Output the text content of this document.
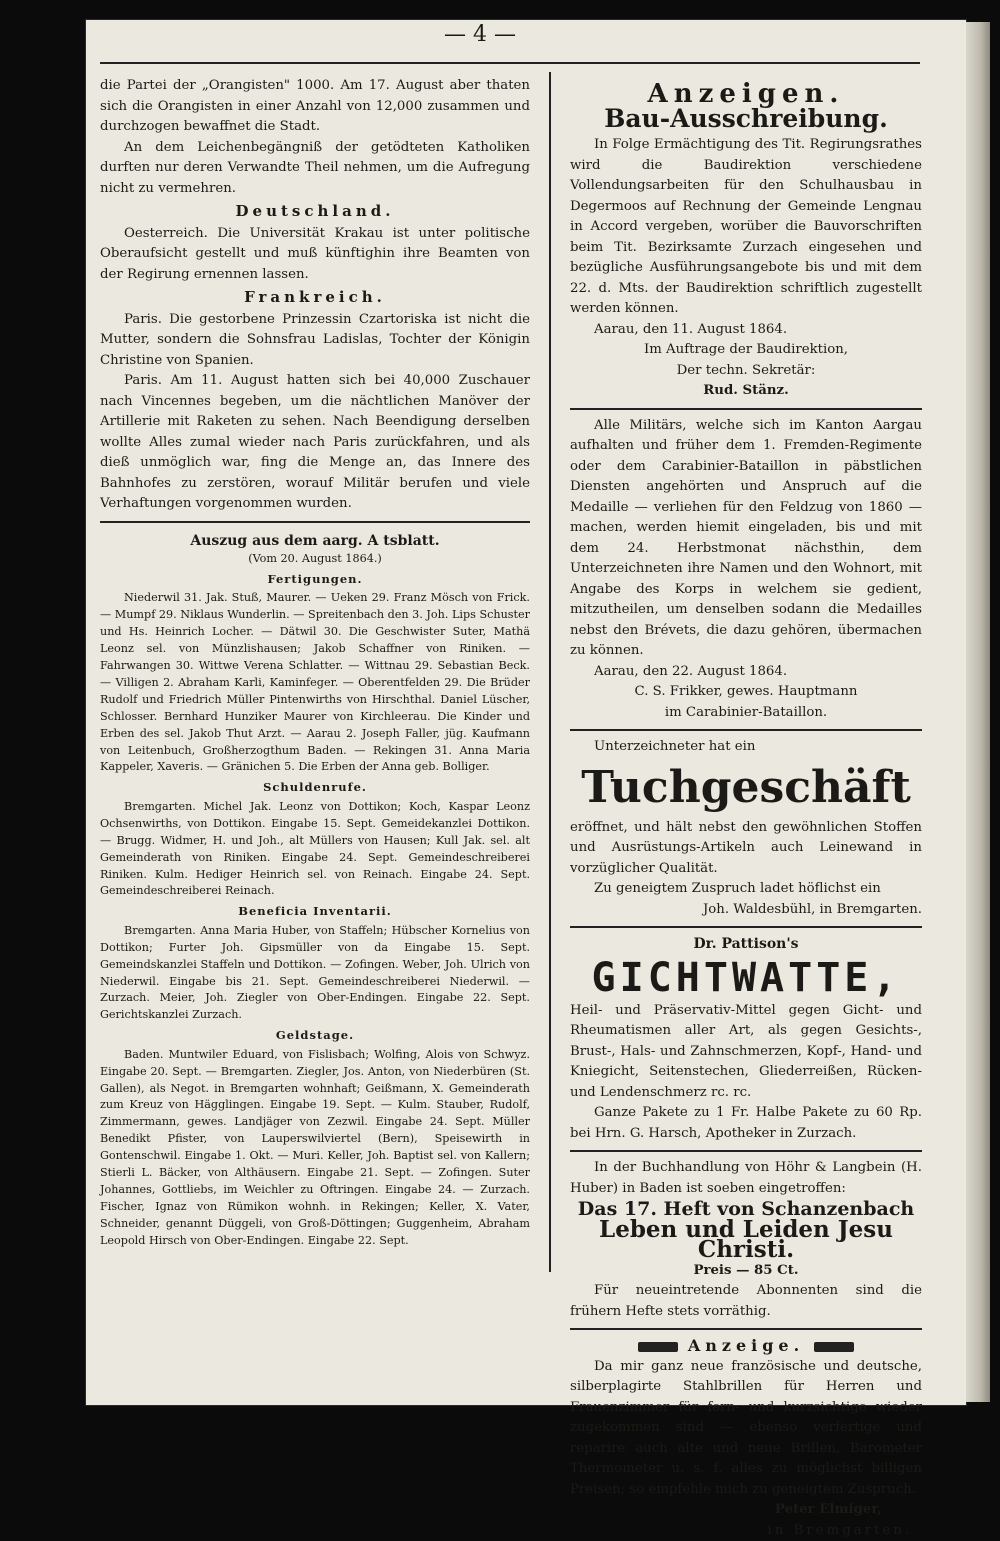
— 4 —

die Partei der „Orangisten" 1000. Am 17. August aber thaten sich die Orangisten in einer Anzahl von 12,000 zusammen und durchzogen bewaffnet die Stadt.

An dem Leichenbegängniß der getödteten Katholiken durften nur deren Verwandte Theil nehmen, um die Aufregung nicht zu vermehren.

Deutschland.

Oesterreich. Die Universität Krakau ist unter politische Oberaufsicht gestellt und muß künftighin ihre Beamten von der Regirung ernennen lassen.

Frankreich.

Paris. Die gestorbene Prinzessin Czartoriska ist nicht die Mutter, sondern die Sohnsfrau Ladislas, Tochter der Königin Christine von Spanien.

Paris. Am 11. August hatten sich bei 40,000 Zuschauer nach Vincennes begeben, um die nächtlichen Manöver der Artillerie mit Raketen zu sehen. Nach Beendigung derselben wollte Alles zumal wieder nach Paris zurückfahren, und als dieß unmöglich war, fing die Menge an, das Innere des Bahnhofes zu zerstören, worauf Militär berufen und viele Verhaftungen vorgenommen wurden.

Auszug aus dem aarg. A tsblatt.
(Vom 20. August 1864.)
Fertigungen.

Niederwil 31. Jak. Stuß, Maurer. — Ueken 29. Franz Mösch von Frick. — Mumpf 29. Niklaus Wunderlin. — Spreitenbach den 3. Joh. Lips Schuster und Hs. Heinrich Locher. — Dätwil 30. Die Geschwister Suter, Mathä Leonz sel. von Münzlishausen; Jakob Schaffner von Riniken. — Fahrwangen 30. Wittwe Verena Schlatter. — Wittnau 29. Sebastian Beck. — Villigen 2. Abraham Karli, Kaminfeger. — Oberentfelden 29. Die Brüder Rudolf und Friedrich Müller Pintenwirths von Hirschthal. Daniel Lüscher, Schlosser. Bernhard Hunziker Maurer von Kirchleerau. Die Kinder und Erben des sel. Jakob Thut Arzt. — Aarau 2. Joseph Faller, jüg. Kaufmann von Leitenbuch, Großherzogthum Baden. — Rekingen 31. Anna Maria Kappeler, Xaveris. — Gränichen 5. Die Erben der Anna geb. Bolliger.

Schuldenrufe.

Bremgarten. Michel Jak. Leonz von Dottikon; Koch, Kaspar Leonz Ochsenwirths, von Dottikon. Eingabe 15. Sept. Gemeidekanzlei Dottikon. — Brugg. Widmer, H. und Joh., alt Müllers von Hausen; Kull Jak. sel. alt Gemeinderath von Riniken. Eingabe 24. Sept. Gemeindeschreiberei Riniken. Kulm. Hediger Heinrich sel. von Reinach. Eingabe 24. Sept. Gemeindeschreiberei Reinach.

Beneficia Inventarii.

Bremgarten. Anna Maria Huber, von Staffeln; Hübscher Kornelius von Dottikon; Furter Joh. Gipsmüller von da Eingabe 15. Sept. Gemeindskanzlei Staffeln und Dottikon. — Zofingen. Weber, Joh. Ulrich von Niederwil. Eingabe bis 21. Sept. Gemeindeschreiberei Niederwil. — Zurzach. Meier, Joh. Ziegler von Ober-Endingen. Eingabe 22. Sept. Gerichtskanzlei Zurzach.

Geldstage.

Baden. Muntwiler Eduard, von Fislisbach; Wolfing, Alois von Schwyz. Eingabe 20. Sept. — Bremgarten. Ziegler, Jos. Anton, von Niederbüren (St. Gallen), als Negot. in Bremgarten wohnhaft; Geißmann, X. Gemeinderath zum Kreuz von Hägglingen. Eingabe 19. Sept. — Kulm. Stauber, Rudolf, Zimmermann, gewes. Landjäger von Zezwil. Eingabe 24. Sept. Müller Benedikt Pfister, von Lauperswilviertel (Bern), Speisewirth in Gontenschwil. Eingabe 1. Okt. — Muri. Keller, Joh. Baptist sel. von Kallern; Stierli L. Bäcker, von Althäusern. Eingabe 21. Sept. — Zofingen. Suter Johannes, Gottliebs, im Weichler zu Oftringen. Eingabe 24. — Zurzach. Fischer, Ignaz von Rümikon wohnh. in Rekingen; Keller, X. Vater, Schneider, genannt Düggeli, von Groß-Döttingen; Guggenheim, Abraham Leopold Hirsch von Ober-Endingen. Eingabe 22. Sept.

Anzeigen.
Bau-Ausschreibung.

In Folge Ermächtigung des Tit. Regirungsrathes wird die Baudirektion verschiedene Vollendungsarbeiten für den Schulhausbau in Degermoos auf Rechnung der Gemeinde Lengnau in Accord vergeben, worüber die Bauvorschriften beim Tit. Bezirksamte Zurzach eingesehen und bezügliche Ausführungsangebote bis und mit dem 22. d. Mts. der Baudirektion schriftlich zugestellt werden können.

Aarau, den 11. August 1864.

Im Auftrage der Baudirektion,

Der techn. Sekretär:

Rud. Stänz.

Alle Militärs, welche sich im Kanton Aargau aufhalten und früher dem 1. Fremden-Regimente oder dem Carabinier-Bataillon in päbstlichen Diensten angehörten und Anspruch auf die Medaille — verliehen für den Feldzug von 1860 — machen, werden hiemit eingeladen, bis und mit dem 24. Herbstmonat nächsthin, dem Unterzeichneten ihre Namen und den Wohnort, mit Angabe des Korps in welchem sie gedient, mitzutheilen, um denselben sodann die Medailles nebst den Brévets, die dazu gehören, übermachen zu können.

Aarau, den 22. August 1864.

C. S. Frikker, gewes. Hauptmann

im Carabinier-Bataillon.

Unterzeichneter hat ein

Tuchgeschäft

eröffnet, und hält nebst den gewöhnlichen Stoffen und Ausrüstungs-Artikeln auch Leinewand in vorzüglicher Qualität.

Zu geneigtem Zuspruch ladet höflichst ein

Joh. Waldesbühl, in Bremgarten.

Dr. Pattison's
GICHTWATTE,

Heil- und Präservativ-Mittel gegen Gicht- und Rheumatismen aller Art, als gegen Gesichts-, Brust-, Hals- und Zahnschmerzen, Kopf-, Hand- und Kniegicht, Seitenstechen, Gliederreißen, Rücken- und Lendenschmerz rc. rc.

Ganze Pakete zu 1 Fr. Halbe Pakete zu 60 Rp. bei Hrn. G. Harsch, Apotheker in Zurzach.

In der Buchhandlung von Höhr & Langbein (H. Huber) in Baden ist soeben eingetroffen:

Das 17. Heft von Schanzenbach
Leben und Leiden Jesu Christi.
Preis — 85 Ct.

Für neueintretende Abonnenten sind die frühern Hefte stets vorräthig.

Anzeige.

Da mir ganz neue französische und deutsche, silberplagirte Stahlbrillen für Herren und Frauenzimmer für fern- und kurzsichtige wieder zugekommen sind — ebenso verfertige und reparire auch alte und neue Brillen, Barometer Thermometer u. s. f. alles zu möglichst billigen Preisen; so empfehle mich zu geneigtem Zuspruch.

Peter Elmiger,

in Bremgarten.
